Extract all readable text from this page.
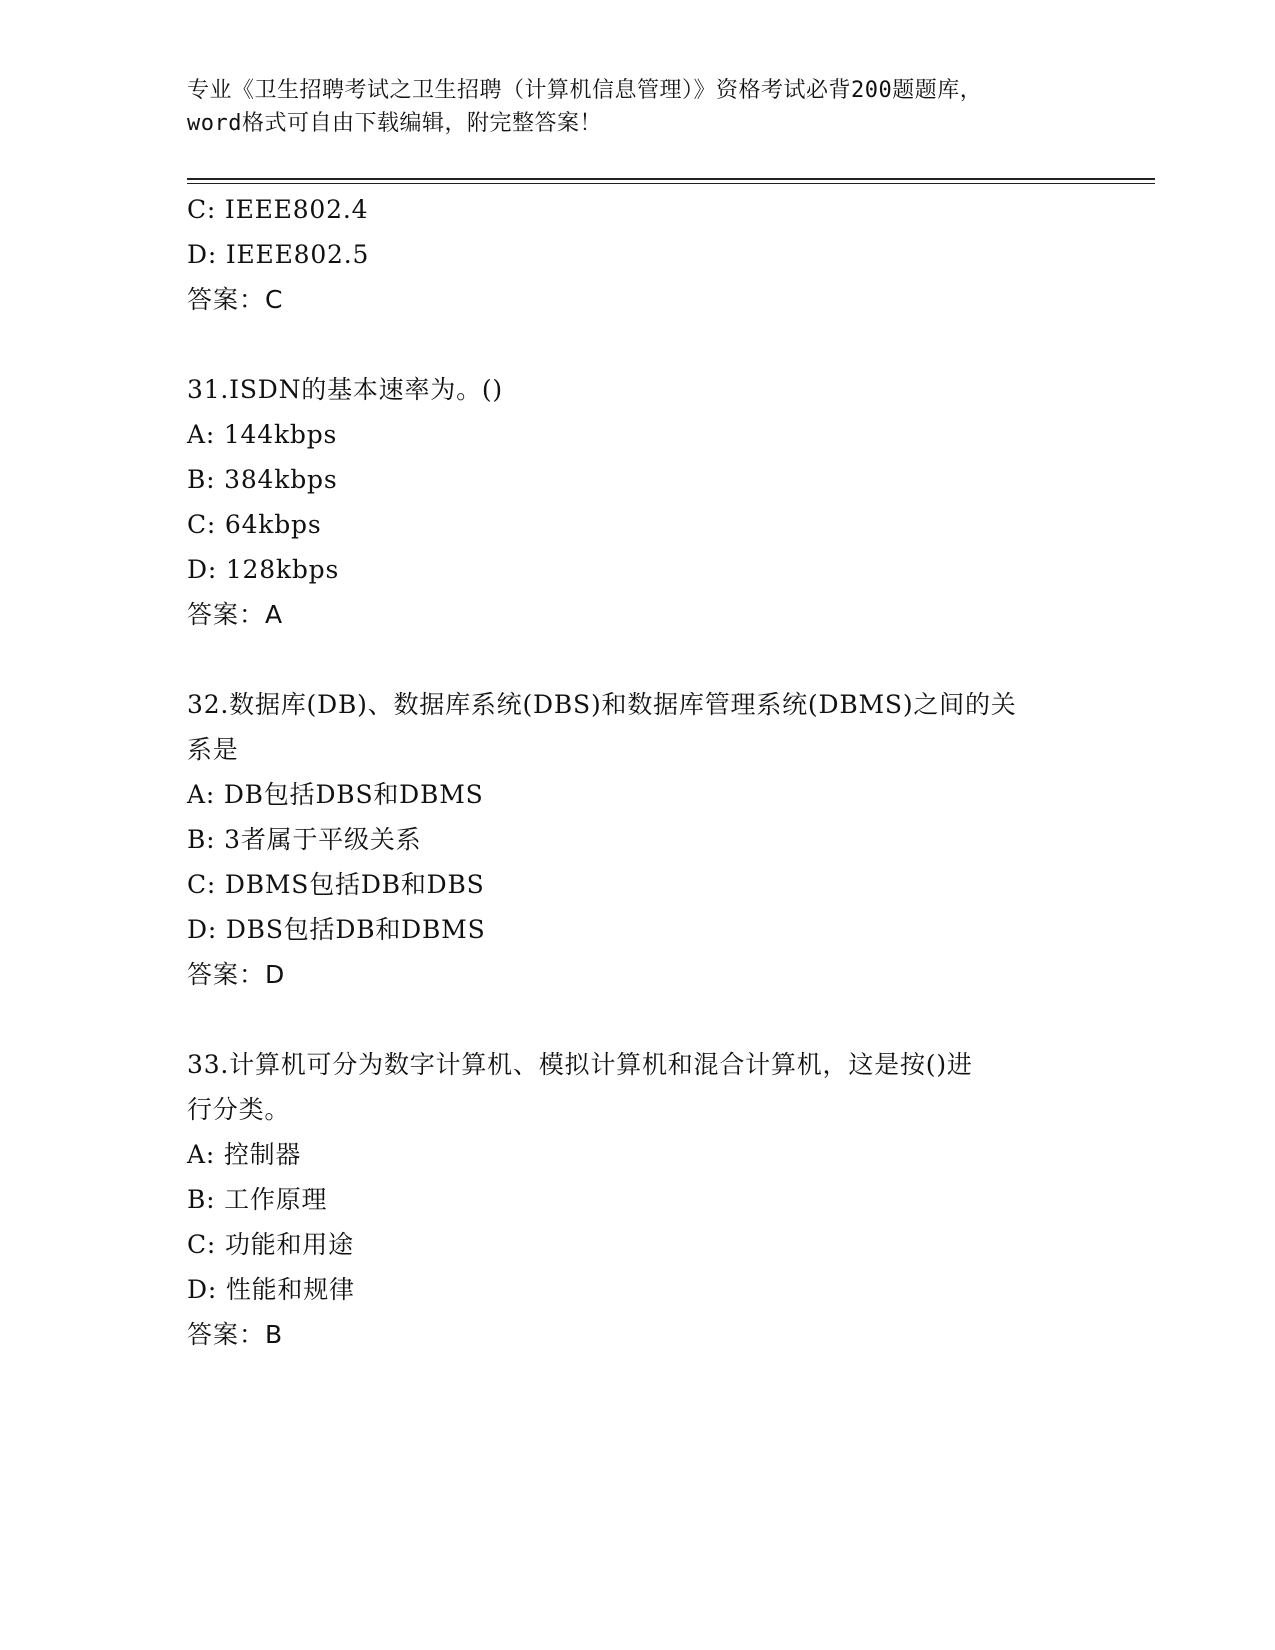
专业《卫生招聘考试之卫生招聘（计算机信息管理）》资格考试必背200题题库，
word格式可自由下载编辑，附完整答案！
C: IEEE802.4
D: IEEE802.5
答案：C
31.ISDN的基本速率为。()
A: 144kbps
B: 384kbps
C: 64kbps
D: 128kbps
答案：A
32.数据库(DB)、数据库系统(DBS)和数据库管理系统(DBMS)之间的关
系是
A: DB包括DBS和DBMS
B: 3者属于平级关系
C: DBMS包括DB和DBS
D: DBS包括DB和DBMS
答案：D
33.计算机可分为数字计算机、模拟计算机和混合计算机，这是按()进
行分类。
A: 控制器
B: 工作原理
C: 功能和用途
D: 性能和规律
答案：B
